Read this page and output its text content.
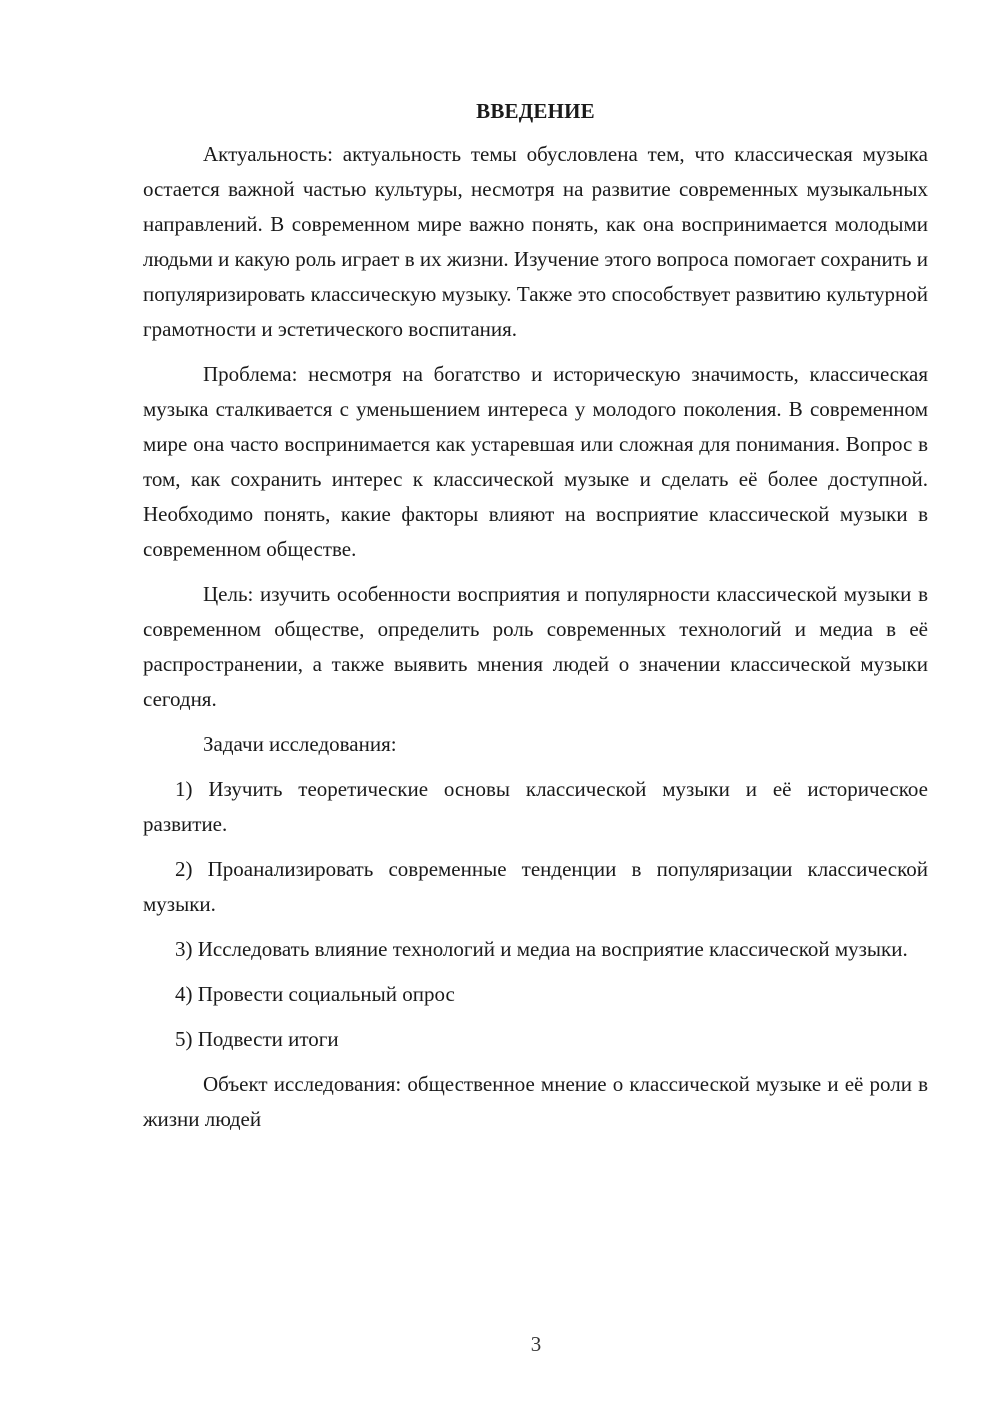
ВВЕДЕНИЕ

Актуальность: актуальность темы обусловлена тем, что классическая музыка остается важной частью культуры, несмотря на развитие современных музыкальных направлений. В современном мире важно понять, как она воспринимается молодыми людьми и какую роль играет в их жизни. Изучение этого вопроса помогает сохранить и популяризировать классическую музыку. Также это способствует развитию культурной грамотности и эстетического воспитания.

Проблема: несмотря на богатство и историческую значимость, классическая музыка сталкивается с уменьшением интереса у молодого поколения. В современном мире она часто воспринимается как устаревшая или сложная для понимания. Вопрос в том, как сохранить интерес к классической музыке и сделать её более доступной. Необходимо понять, какие факторы влияют на восприятие классической музыки в современном обществе.

Цель: изучить особенности восприятия и популярности классической музыки в современном обществе, определить роль современных технологий и медиа в её распространении, а также выявить мнения людей о значении классической музыки сегодня.

Задачи исследования:

1) Изучить теоретические основы классической музыки и её историческое развитие.

2) Проанализировать современные тенденции в популяризации классической музыки.

3) Исследовать влияние технологий и медиа на восприятие классической музыки.

4) Провести социальный опрос

5) Подвести итоги

Объект исследования: общественное мнение о классической музыке и её роли в жизни людей

3
